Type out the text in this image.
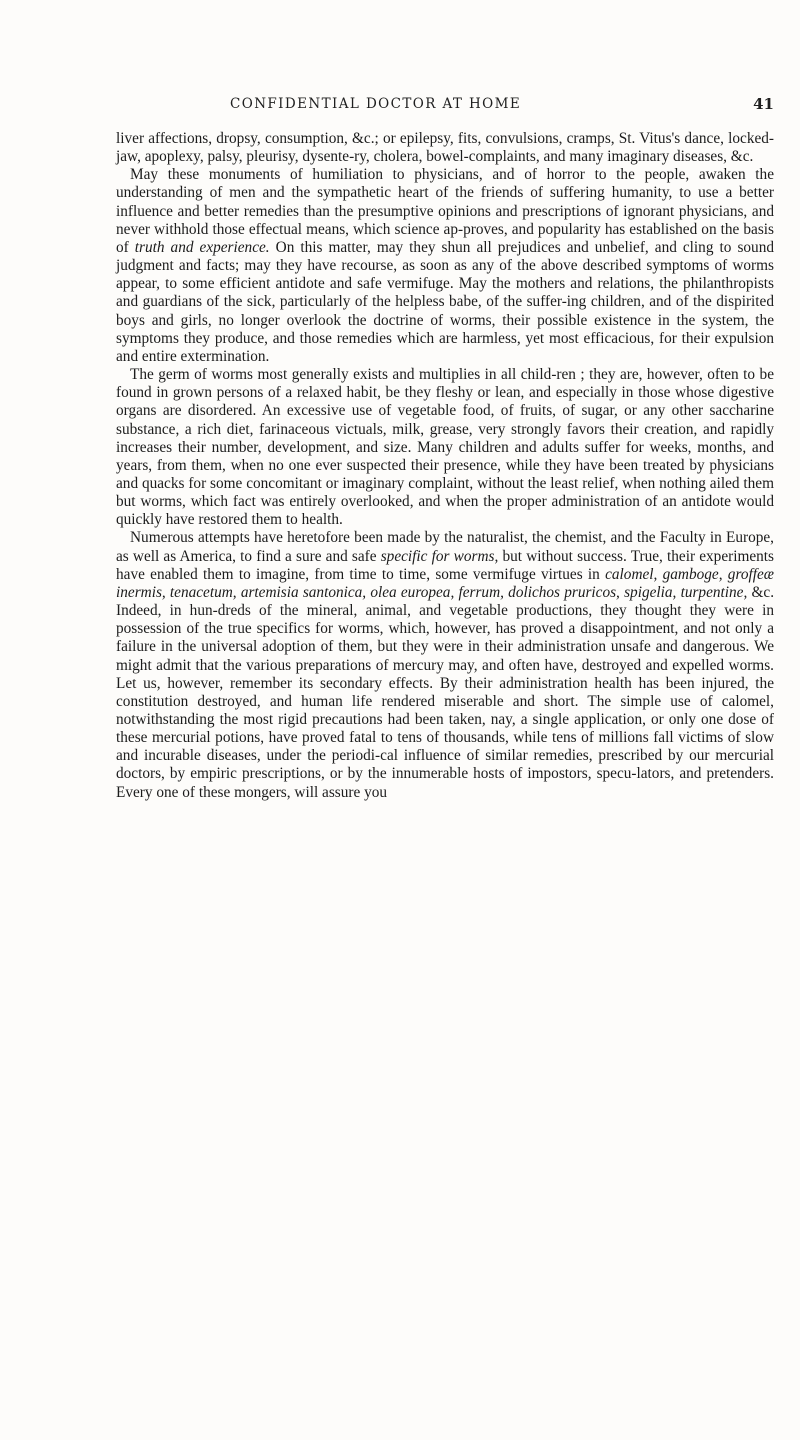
CONFIDENTIAL DOCTOR AT HOME	41

liver affections, dropsy, consumption, &c.; or epilepsy, fits, convulsions, cramps, St. Vitus's dance, locked-jaw, apoplexy, palsy, pleurisy, dysente-ry, cholera, bowel-complaints, and many imaginary diseases, &c.

May these monuments of humiliation to physicians, and of horror to the people, awaken the understanding of men and the sympathetic heart of the friends of suffering humanity, to use a better influence and better remedies than the presumptive opinions and prescriptions of ignorant physicians, and never withhold those effectual means, which science ap-proves, and popularity has established on the basis of truth and experience. On this matter, may they shun all prejudices and unbelief, and cling to sound judgment and facts; may they have recourse, as soon as any of the above described symptoms of worms appear, to some efficient antidote and safe vermifuge. May the mothers and relations, the philanthropists and guardians of the sick, particularly of the helpless babe, of the suffer-ing children, and of the dispirited boys and girls, no longer overlook the doctrine of worms, their possible existence in the system, the symptoms they produce, and those remedies which are harmless, yet most efficacious, for their expulsion and entire extermination.

The germ of worms most generally exists and multiplies in all child-ren ; they are, however, often to be found in grown persons of a relaxed habit, be they fleshy or lean, and especially in those whose digestive organs are disordered. An excessive use of vegetable food, of fruits, of sugar, or any other saccharine substance, a rich diet, farinaceous victuals, milk, grease, very strongly favors their creation, and rapidly increases their number, development, and size. Many children and adults suffer for weeks, months, and years, from them, when no one ever suspected their presence, while they have been treated by physicians and quacks for some concomitant or imaginary complaint, without the least relief, when nothing ailed them but worms, which fact was entirely overlooked, and when the proper administration of an antidote would quickly have restored them to health.

Numerous attempts have heretofore been made by the naturalist, the chemist, and the Faculty in Europe, as well as America, to find a sure and safe specific for worms, but without success. True, their experiments have enabled them to imagine, from time to time, some vermifuge virtues in calomel, gamboge, groffeæ inermis, tenacetum, artemisia santonica, olea europea, ferrum, dolichos pruricos, spigelia, turpentine, &c. Indeed, in hun-dreds of the mineral, animal, and vegetable productions, they thought they were in possession of the true specifics for worms, which, however, has proved a disappointment, and not only a failure in the universal adoption of them, but they were in their administration unsafe and dangerous. We might admit that the various preparations of mercury may, and often have, destroyed and expelled worms. Let us, however, remember its secondary effects. By their administration health has been injured, the constitution destroyed, and human life rendered miserable and short. The simple use of calomel, notwithstanding the most rigid precautions had been taken, nay, a single application, or only one dose of these mercurial potions, have proved fatal to tens of thousands, while tens of millions fall victims of slow and incurable diseases, under the periodi-cal influence of similar remedies, prescribed by our mercurial doctors, by empiric prescriptions, or by the innumerable hosts of impostors, specu-lators, and pretenders. Every one of these mongers, will assure you
